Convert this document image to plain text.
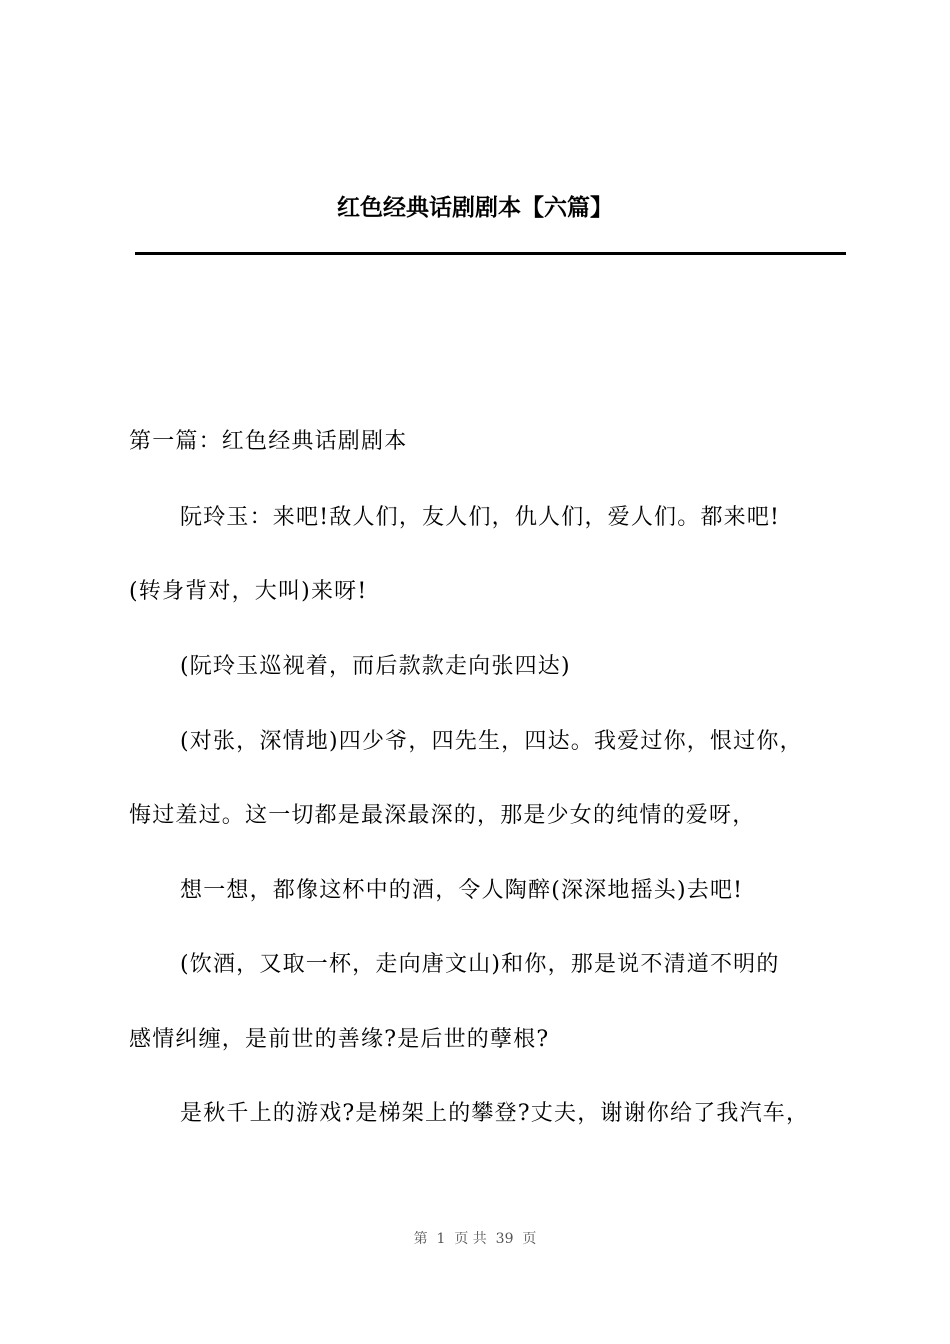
红色经典话剧剧本【六篇】
第一篇：红色经典话剧剧本
阮玲玉：来吧!敌人们，友人们，仇人们，爱人们。都来吧!
(转身背对，大叫)来呀!
(阮玲玉巡视着，而后款款走向张四达)
(对张，深情地)四少爷，四先生，四达。我爱过你，恨过你，
悔过羞过。这一切都是最深最深的，那是少女的纯情的爱呀，
想一想，都像这杯中的酒，令人陶醉(深深地摇头)去吧!
(饮酒，又取一杯，走向唐文山)和你，那是说不清道不明的
感情纠缠，是前世的善缘?是后世的孽根?
是秋千上的游戏?是梯架上的攀登?丈夫，谢谢你给了我汽车，
第  1  页 共  39  页
